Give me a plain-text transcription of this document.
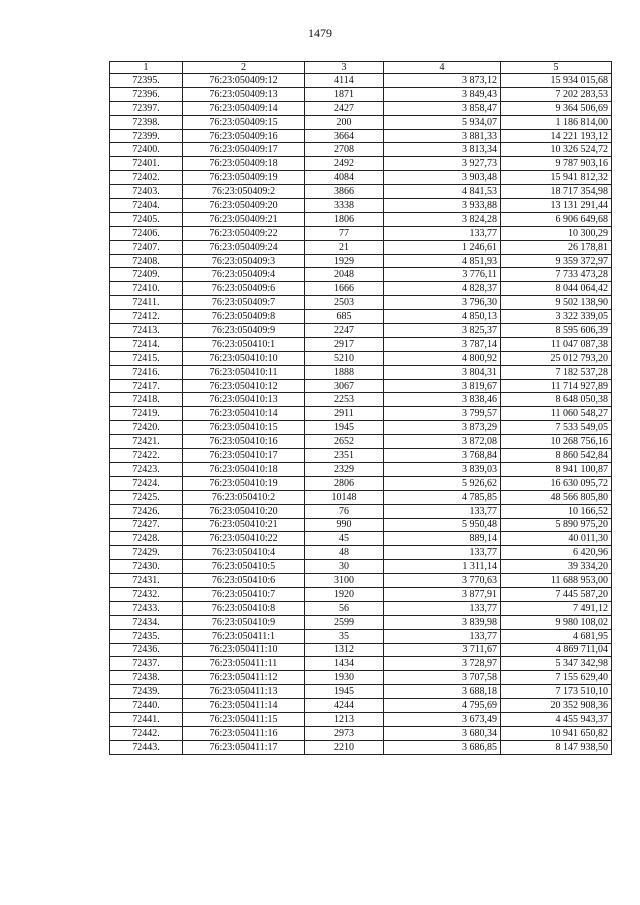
1479
1	2	3	4	5
72395.	76:23:050409:12	4114	3 873,12	15 934 015,68
72396.	76:23:050409:13	1871	3 849,43	7 202 283,53
72397.	76:23:050409:14	2427	3 858,47	9 364 506,69
72398.	76:23:050409:15	200	5 934,07	1 186 814,00
72399.	76:23:050409:16	3664	3 881,33	14 221 193,12
72400.	76:23:050409:17	2708	3 813,34	10 326 524,72
72401.	76:23:050409:18	2492	3 927,73	9 787 903,16
72402.	76:23:050409:19	4084	3 903,48	15 941 812,32
72403.	76:23:050409:2	3866	4 841,53	18 717 354,98
72404.	76:23:050409:20	3338	3 933,88	13 131 291,44
72405.	76:23:050409:21	1806	3 824,28	6 906 649,68
72406.	76:23:050409:22	77	133,77	10 300,29
72407.	76:23:050409:24	21	1 246,61	26 178,81
72408.	76:23:050409:3	1929	4 851,93	9 359 372,97
72409.	76:23:050409:4	2048	3 776,11	7 733 473,28
72410.	76:23:050409:6	1666	4 828,37	8 044 064,42
72411.	76:23:050409:7	2503	3 796,30	9 502 138,90
72412.	76:23:050409:8	685	4 850,13	3 322 339,05
72413.	76:23:050409:9	2247	3 825,37	8 595 606,39
72414.	76:23:050410:1	2917	3 787,14	11 047 087,38
72415.	76:23:050410:10	5210	4 800,92	25 012 793,20
72416.	76:23:050410:11	1888	3 804,31	7 182 537,28
72417.	76:23:050410:12	3067	3 819,67	11 714 927,89
72418.	76:23:050410:13	2253	3 838,46	8 648 050,38
72419.	76:23:050410:14	2911	3 799,57	11 060 548,27
72420.	76:23:050410:15	1945	3 873,29	7 533 549,05
72421.	76:23:050410:16	2652	3 872,08	10 268 756,16
72422.	76:23:050410:17	2351	3 768,84	8 860 542,84
72423.	76:23:050410:18	2329	3 839,03	8 941 100,87
72424.	76:23:050410:19	2806	5 926,62	16 630 095,72
72425.	76:23:050410:2	10148	4 785,85	48 566 805,80
72426.	76:23:050410:20	76	133,77	10 166,52
72427.	76:23:050410:21	990	5 950,48	5 890 975,20
72428.	76:23:050410:22	45	889,14	40 011,30
72429.	76:23:050410:4	48	133,77	6 420,96
72430.	76:23:050410:5	30	1 311,14	39 334,20
72431.	76:23:050410:6	3100	3 770,63	11 688 953,00
72432.	76:23:050410:7	1920	3 877,91	7 445 587,20
72433.	76:23:050410:8	56	133,77	7 491,12
72434.	76:23:050410:9	2599	3 839,98	9 980 108,02
72435.	76:23:050411:1	35	133,77	4 681,95
72436.	76:23:050411:10	1312	3 711,67	4 869 711,04
72437.	76:23:050411:11	1434	3 728,97	5 347 342,98
72438.	76:23:050411:12	1930	3 707,58	7 155 629,40
72439.	76:23:050411:13	1945	3 688,18	7 173 510,10
72440.	76:23:050411:14	4244	4 795,69	20 352 908,36
72441.	76:23:050411:15	1213	3 673,49	4 455 943,37
72442.	76:23:050411:16	2973	3 680,34	10 941 650,82
72443.	76:23:050411:17	2210	3 686,85	8 147 938,50
